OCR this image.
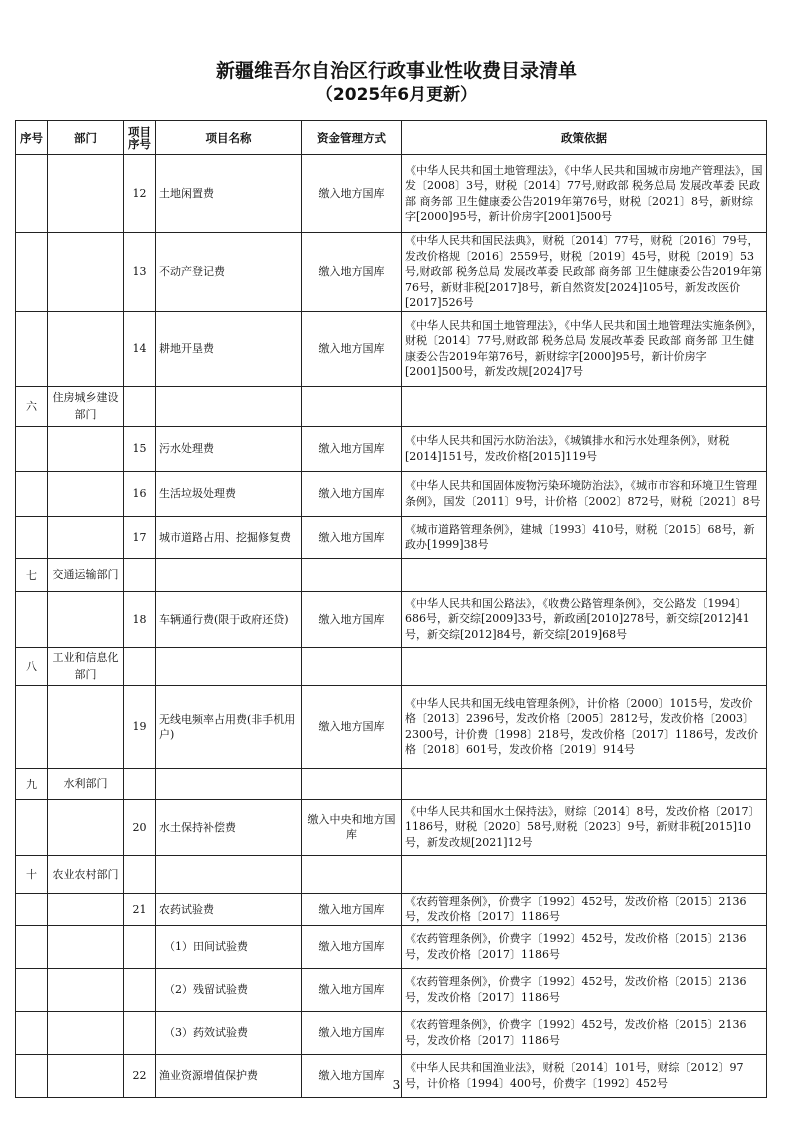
新疆维吾尔自治区行政事业性收费目录清单
（2025年6月更新）
序号	部门	项目序号	项目名称	资金管理方式	政策依据
		12	土地闲置费	缴入地方国库	《中华人民共和国土地管理法》，《中华人民共和国城市房地产管理法》，国发〔2008〕3号，财税〔2014〕77号,财政部 税务总局 发展改革委 民政部 商务部 卫生健康委公告2019年第76号，财税〔2021〕8号，新财综字[2000]95号，新计价房字[2001]500号
		13	不动产登记费	缴入地方国库	《中华人民共和国民法典》，财税〔2014〕77号，财税〔2016〕79号，发改价格规〔2016〕2559号，财税〔2019〕45号，财税〔2019〕53号,财政部 税务总局 发展改革委 民政部 商务部 卫生健康委公告2019年第76号，新财非税[2017]8号，新自然资发[2024]105号，新发改医价[2017]526号
		14	耕地开垦费	缴入地方国库	《中华人民共和国土地管理法》，《中华人民共和国土地管理法实施条例》，财税〔2014〕77号,财政部 税务总局 发展改革委 民政部 商务部 卫生健康委公告2019年第76号，新财综字[2000]95号，新计价房字[2001]500号，新发改规[2024]7号
六	住房城乡建设部门				
		15	污水处理费	缴入地方国库	《中华人民共和国污水防治法》，《城镇排水和污水处理条例》，财税[2014]151号，发改价格[2015]119号
		16	生活垃圾处理费	缴入地方国库	《中华人民共和国固体废物污染环境防治法》，《城市市容和环境卫生管理条例》，国发〔2011〕9号，计价格〔2002〕872号，财税〔2021〕8号
		17	城市道路占用、挖掘修复费	缴入地方国库	《城市道路管理条例》，建城〔1993〕410号，财税〔2015〕68号，新政办[1999]38号
七	交通运输部门				
		18	车辆通行费(限于政府还贷)	缴入地方国库	《中华人民共和国公路法》，《收费公路管理条例》，交公路发〔1994〕686号，新交综[2009]33号，新政函[2010]278号，新交综[2012]41号，新交综[2012]84号，新交综[2019]68号
八	工业和信息化部门				
		19	无线电频率占用费(非手机用户)	缴入地方国库	《中华人民共和国无线电管理条例》，计价格〔2000〕1015号，发改价格〔2013〕2396号，发改价格〔2005〕2812号，发改价格〔2003〕2300号，计价费〔1998〕218号，发改价格〔2017〕1186号，发改价格〔2018〕601号，发改价格〔2019〕914号
九	水利部门				
		20	水土保持补偿费	缴入中央和地方国库	《中华人民共和国水土保持法》，财综〔2014〕8号，发改价格〔2017〕1186号，财税〔2020〕58号,财税〔2023〕9号，新财非税[2015]10号，新发改规[2021]12号
十	农业农村部门				
		21	农药试验费	缴入地方国库	《农药管理条例》，价费字〔1992〕452号，发改价格〔2015〕2136号，发改价格〔2017〕1186号
			（1）田间试验费	缴入地方国库	《农药管理条例》，价费字〔1992〕452号，发改价格〔2015〕2136号，发改价格〔2017〕1186号
			（2）残留试验费	缴入地方国库	《农药管理条例》，价费字〔1992〕452号，发改价格〔2015〕2136号，发改价格〔2017〕1186号
			（3）药效试验费	缴入地方国库	《农药管理条例》，价费字〔1992〕452号，发改价格〔2015〕2136号，发改价格〔2017〕1186号
		22	渔业资源增值保护费	缴入地方国库	《中华人民共和国渔业法》，财税〔2014〕101号，财综〔2012〕97号，计价格〔1994〕400号，价费字〔1992〕452号
3
